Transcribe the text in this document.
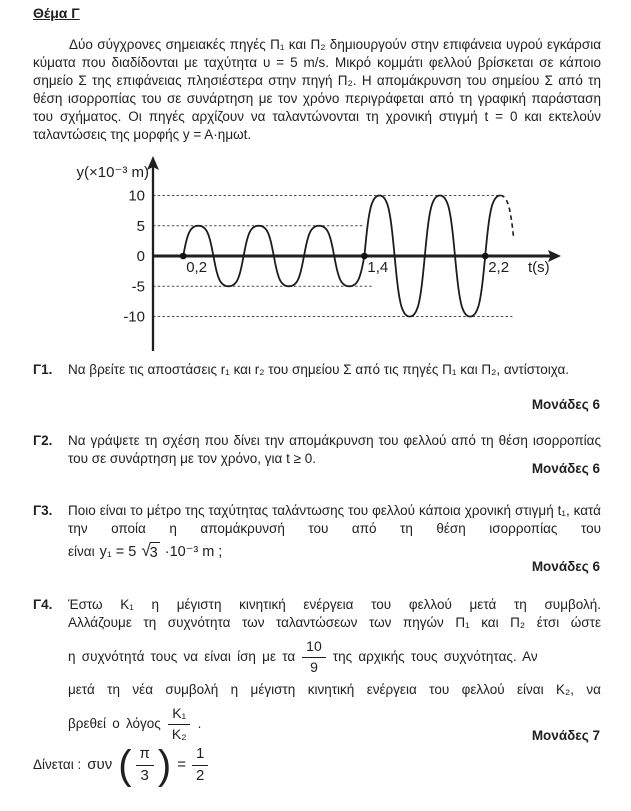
Θέμα Γ
Δύο σύγχρονες σημειακές πηγές Π₁ και Π₂ δημιουργούν στην επιφάνεια υγρού εγκάρσια κύματα που διαδίδονται με ταχύτητα υ = 5 m/s. Μικρό κομμάτι φελλού βρίσκεται σε κάποιο σημείο Σ της επιφάνειας πλησιέστερα στην πηγή Π₂. Η απομάκρυνση του σημείου Σ από τη θέση ισορροπίας του σε συνάρτηση με τον χρόνο περιγράφεται από τη γραφική παράσταση του σχήματος. Οι πηγές αρχίζουν να ταλαντώνονται τη χρονική στιγμή t = 0 και εκτελούν ταλαντώσεις της μορφής y = A·ημωt.
0,2	1,4	2,2
10
5
0
-5
-10
y(×10⁻³ m)
t(s)
Γ1. Να βρείτε τις αποστάσεις r₁ και r₂ του σημείου Σ από τις πηγές Π₁ και Π₂, αντίστοιχα.
Μονάδες 6
Γ2. Να γράψετε τη σχέση που δίνει την απομάκρυνση του φελλού από τη θέση ισορροπίας του σε συνάρτηση με τον χρόνο, για t ≥ 0.
Μονάδες 6
Γ3. Ποιο είναι το μέτρο της ταχύτητας ταλάντωσης του φελλού κάποια χρονική στιγμή t₁, κατά την οποία η απομάκρυνσή του από τη θέση ισορροπίας του
είναι y₁ = 5 √ 3 ·10⁻³ m ;
Μονάδες 6
Γ4. Έστω K₁ η μέγιστη κινητική ενέργεια του φελλού μετά τη συμβολή.
Αλλάζουμε τη συχνότητα των ταλαντώσεων των πηγών Π₁ και Π₂ έτσι ώστε
η συχνότητά τους να είναι ίση με τα $\frac{10}{9}$ της αρχικής τους συχνότητας. Αν
μετά τη νέα συμβολή η μέγιστη κινητική ενέργεια του φελλού είναι K₂, να
βρεθεί ο λόγος $\frac{\text{K₁}}{\text{K₂}}$ .
Μονάδες 7
Δίνεται : συν ( $\frac{\pi}{3}$ ) = $\frac{1}{2}$
